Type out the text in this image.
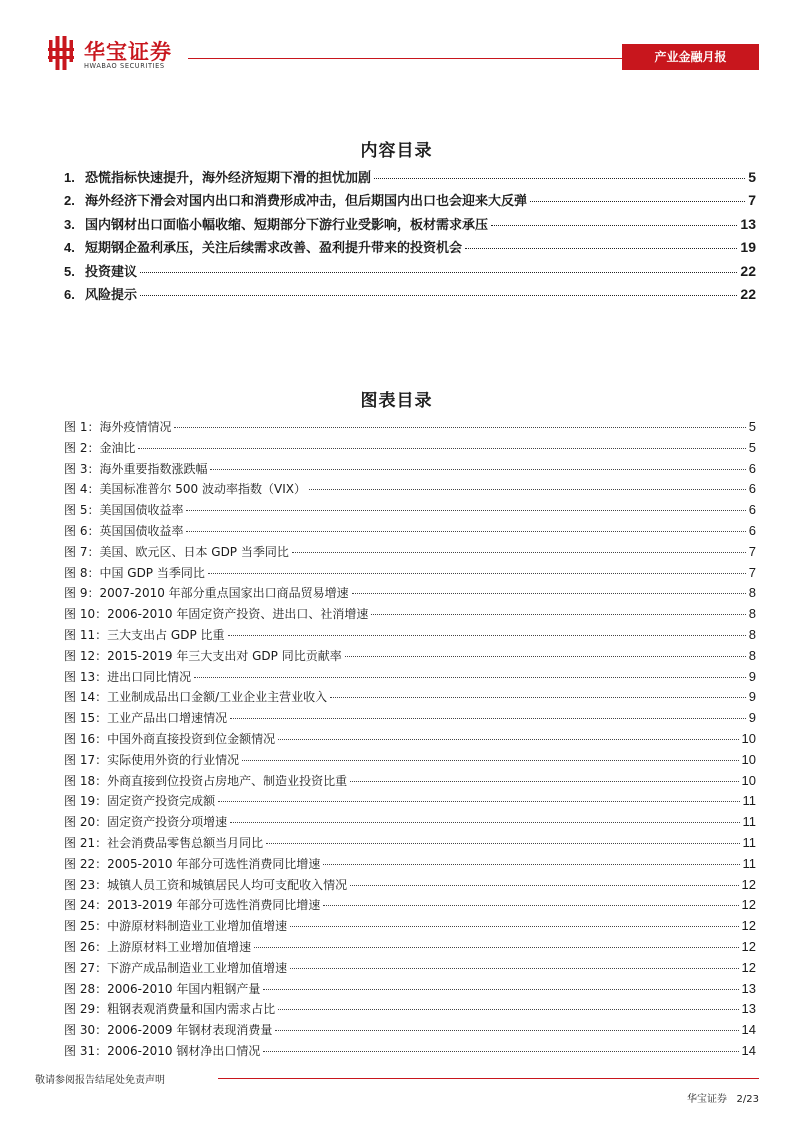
华宝证券
HWABAO SECURITIES
产业金融月报
内容目录
1. 恐慌指标快速提升，海外经济短期下滑的担忧加剧	5
2. 海外经济下滑会对国内出口和消费形成冲击，但后期国内出口也会迎来大反弹	7
3. 国内钢材出口面临小幅收缩、短期部分下游行业受影响，板材需求承压	13
4. 短期钢企盈利承压，关注后续需求改善、盈利提升带来的投资机会	19
5. 投资建议	22
6. 风险提示	22
图表目录
图 1： 海外疫情情况	5
图 2： 金油比	5
图 3： 海外重要指数涨跌幅	6
图 4： 美国标准普尔 500 波动率指数（VIX）	6
图 5： 美国国债收益率	6
图 6： 英国国债收益率	6
图 7： 美国、欧元区、日本 GDP 当季同比	7
图 8： 中国 GDP 当季同比	7
图 9： 2007-2010 年部分重点国家出口商品贸易增速	8
图 10： 2006-2010 年固定资产投资、进出口、社消增速	8
图 11： 三大支出占 GDP 比重	8
图 12： 2015-2019 年三大支出对 GDP 同比贡献率	8
图 13： 进出口同比情况	9
图 14： 工业制成品出口金额/工业企业主营业收入	9
图 15： 工业产品出口增速情况	9
图 16： 中国外商直接投资到位金额情况	10
图 17： 实际使用外资的行业情况	10
图 18： 外商直接到位投资占房地产、制造业投资比重	10
图 19： 固定资产投资完成额	11
图 20： 固定资产投资分项增速	11
图 21： 社会消费品零售总额当月同比	11
图 22： 2005-2010 年部分可选性消费同比增速	11
图 23： 城镇人员工资和城镇居民人均可支配收入情况	12
图 24： 2013-2019 年部分可选性消费同比增速	12
图 25： 中游原材料制造业工业增加值增速	12
图 26： 上游原材料工业增加值增速	12
图 27： 下游产成品制造业工业增加值增速	12
图 28： 2006-2010 年国内粗钢产量	13
图 29： 粗钢表观消费量和国内需求占比	13
图 30： 2006-2009 年钢材表现消费量	14
图 31： 2006-2010 钢材净出口情况	14
敬请参阅报告结尾处免责声明
华宝证券 2/23
